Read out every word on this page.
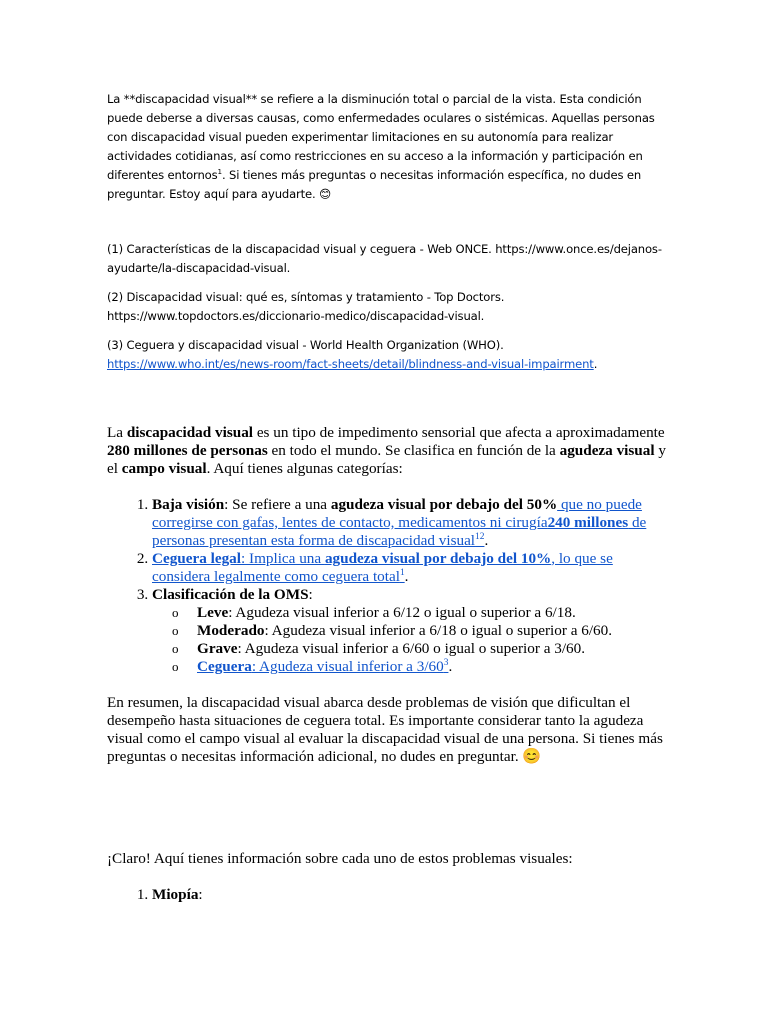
La **discapacidad visual** se refiere a la disminución total o parcial de la vista. Esta condición puede deberse a diversas causas, como enfermedades oculares o sistémicas. Aquellas personas con discapacidad visual pueden experimentar limitaciones en su autonomía para realizar actividades cotidianas, así como restricciones en su acceso a la información y participación en diferentes entornos$^1$. Si tienes más preguntas o necesitas información específica, no dudes en preguntar. Estoy aquí para ayudarte. 😊

(1) Características de la discapacidad visual y ceguera - Web ONCE. https://www.once.es/dejanos-ayudarte/la-discapacidad-visual.

(2) Discapacidad visual: qué es, síntomas y tratamiento - Top Doctors. https://www.topdoctors.es/diccionario-medico/discapacidad-visual.

(3) Ceguera y discapacidad visual - World Health Organization (WHO).
https://www.who.int/es/news-room/fact-sheets/detail/blindness-and-visual-impairment.

La discapacidad visual es un tipo de impedimento sensorial que afecta a aproximadamente 280 millones de personas en todo el mundo. Se clasifica en función de la agudeza visual y el campo visual. Aquí tienes algunas categorías:

1. Baja visión: Se refiere a una agudeza visual por debajo del 50% que no puede corregirse con gafas, lentes de contacto, medicamentos ni cirugía240 millones de personas presentan esta forma de discapacidad visual$^{12}$.
2. Ceguera legal: Implica una agudeza visual por debajo del 10%, lo que se considera legalmente como ceguera total$^1$.
3. Clasificación de la OMS:
o Leve: Agudeza visual inferior a 6/12 o igual o superior a 6/18.
o Moderado: Agudeza visual inferior a 6/18 o igual o superior a 6/60.
o Grave: Agudeza visual inferior a 6/60 o igual o superior a 3/60.
o Ceguera: Agudeza visual inferior a $3/60^3$.

En resumen, la discapacidad visual abarca desde problemas de visión que dificultan el desempeño hasta situaciones de ceguera total. Es importante considerar tanto la agudeza visual como el campo visual al evaluar la discapacidad visual de una persona. Si tienes más preguntas o necesitas información adicional, no dudes en preguntar. 😊

¡Claro! Aquí tienes información sobre cada uno de estos problemas visuales:

1. Miopía:
